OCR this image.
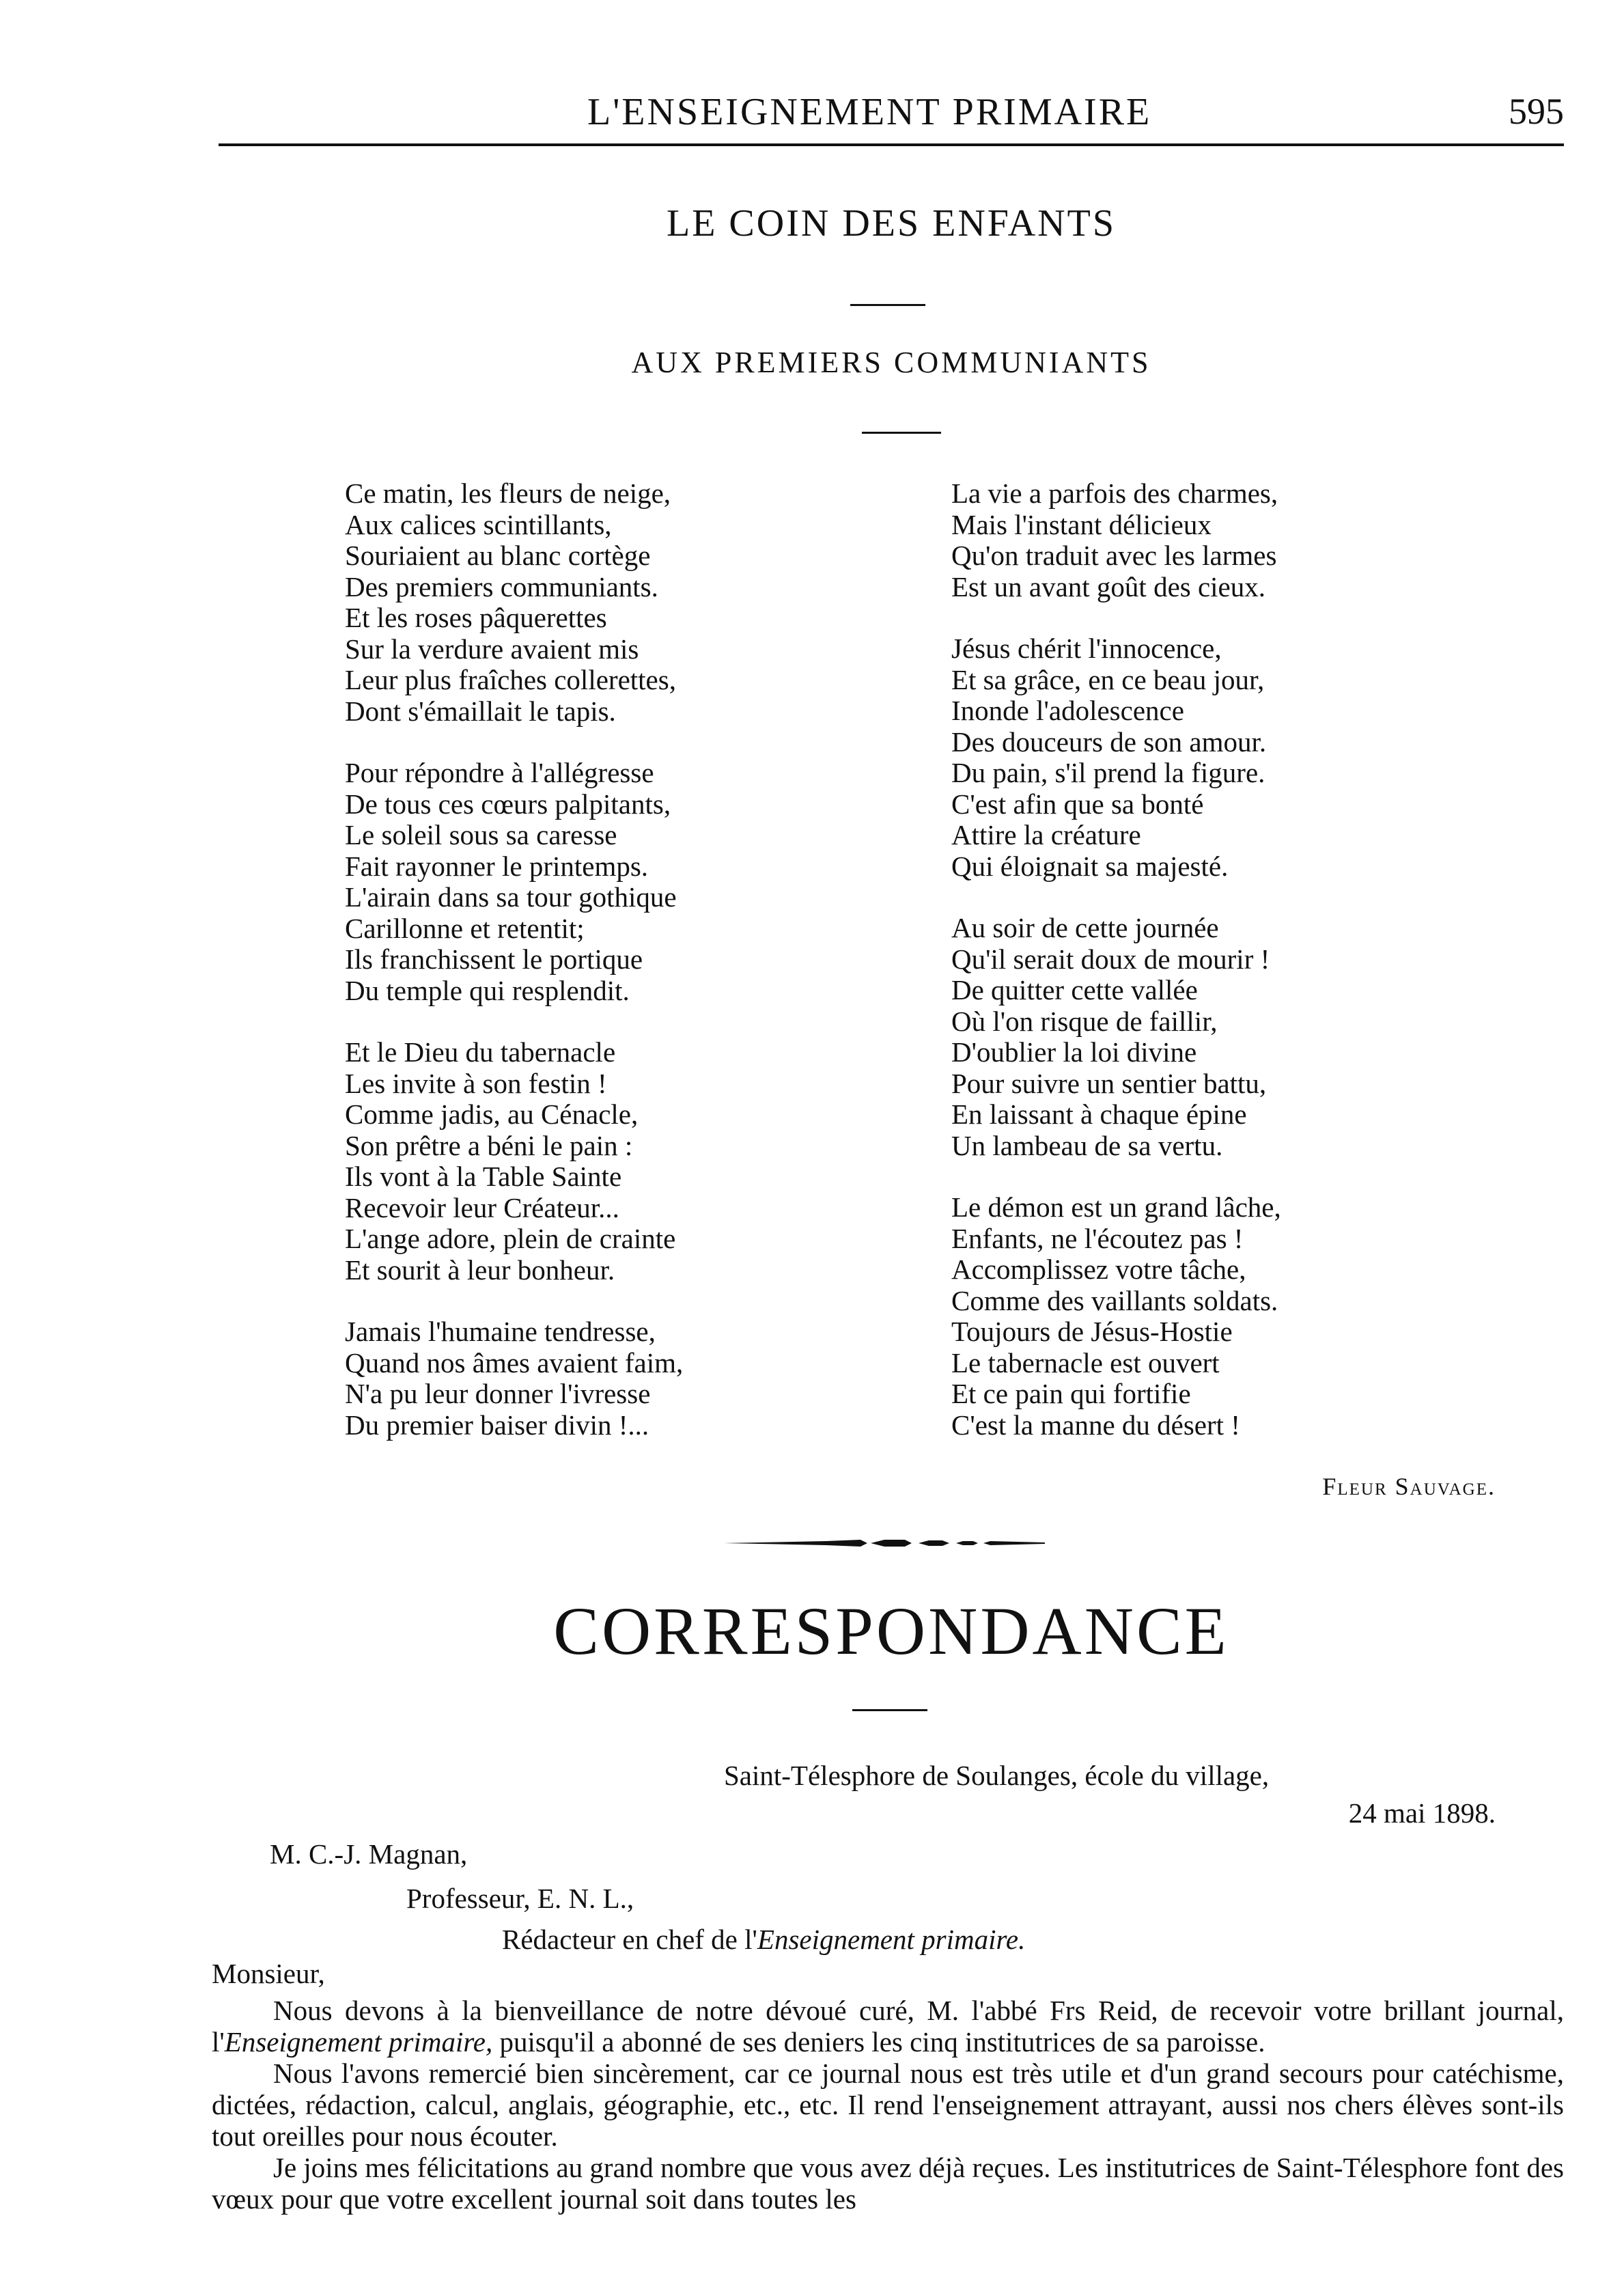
L'ENSEIGNEMENT PRIMAIRE	595
LE COIN DES ENFANTS
AUX PREMIERS COMMUNIANTS
Ce matin, les fleurs de neige,
Aux calices scintillants,
Souriaient au blanc cortège
Des premiers communiants.
Et les roses pâquerettes
Sur la verdure avaient mis
Leur plus fraîches collerettes,
Dont s'émaillait le tapis.
Pour répondre à l'allégresse
De tous ces cœurs palpitants,
Le soleil sous sa caresse
Fait rayonner le printemps.
L'airain dans sa tour gothique
Carillonne et retentit;
Ils franchissent le portique
Du temple qui resplendit.
Et le Dieu du tabernacle
Les invite à son festin !
Comme jadis, au Cénacle,
Son prêtre a béni le pain :
Ils vont à la Table Sainte
Recevoir leur Créateur...
L'ange adore, plein de crainte
Et sourit à leur bonheur.
Jamais l'humaine tendresse,
Quand nos âmes avaient faim,
N'a pu leur donner l'ivresse
Du premier baiser divin !...
La vie a parfois des charmes,
Mais l'instant délicieux
Qu'on traduit avec les larmes
Est un avant goût des cieux.
Jésus chérit l'innocence,
Et sa grâce, en ce beau jour,
Inonde l'adolescence
Des douceurs de son amour.
Du pain, s'il prend la figure.
C'est afin que sa bonté
Attire la créature
Qui éloignait sa majesté.
Au soir de cette journée
Qu'il serait doux de mourir !
De quitter cette vallée
Où l'on risque de faillir,
D'oublier la loi divine
Pour suivre un sentier battu,
En laissant à chaque épine
Un lambeau de sa vertu.
Le démon est un grand lâche,
Enfants, ne l'écoutez pas !
Accomplissez votre tâche,
Comme des vaillants soldats.
Toujours de Jésus-Hostie
Le tabernacle est ouvert
Et ce pain qui fortifie
C'est la manne du désert !
Fleur Sauvage.
CORRESPONDANCE
Saint-Télesphore de Soulanges, école du village,
24 mai 1898.
M. C.-J. Magnan,
Professeur, E. N. L.,
Rédacteur en chef de l'Enseignement primaire.
Monsieur,

Nous devons à la bienveillance de notre dévoué curé, M. l'abbé Frs Reid, de recevoir votre brillant journal, l'Enseignement primaire, puisqu'il a abonné de ses deniers les cinq institutrices de sa paroisse.

Nous l'avons remercié bien sincèrement, car ce journal nous est très utile et d'un grand secours pour catéchisme, dictées, rédaction, calcul, anglais, géographie, etc., etc. Il rend l'enseignement attrayant, aussi nos chers élèves sont-ils tout oreilles pour nous écouter.

Je joins mes félicitations au grand nombre que vous avez déjà reçues. Les institutrices de Saint-Télesphore font des vœux pour que votre excellent journal soit dans toutes les
